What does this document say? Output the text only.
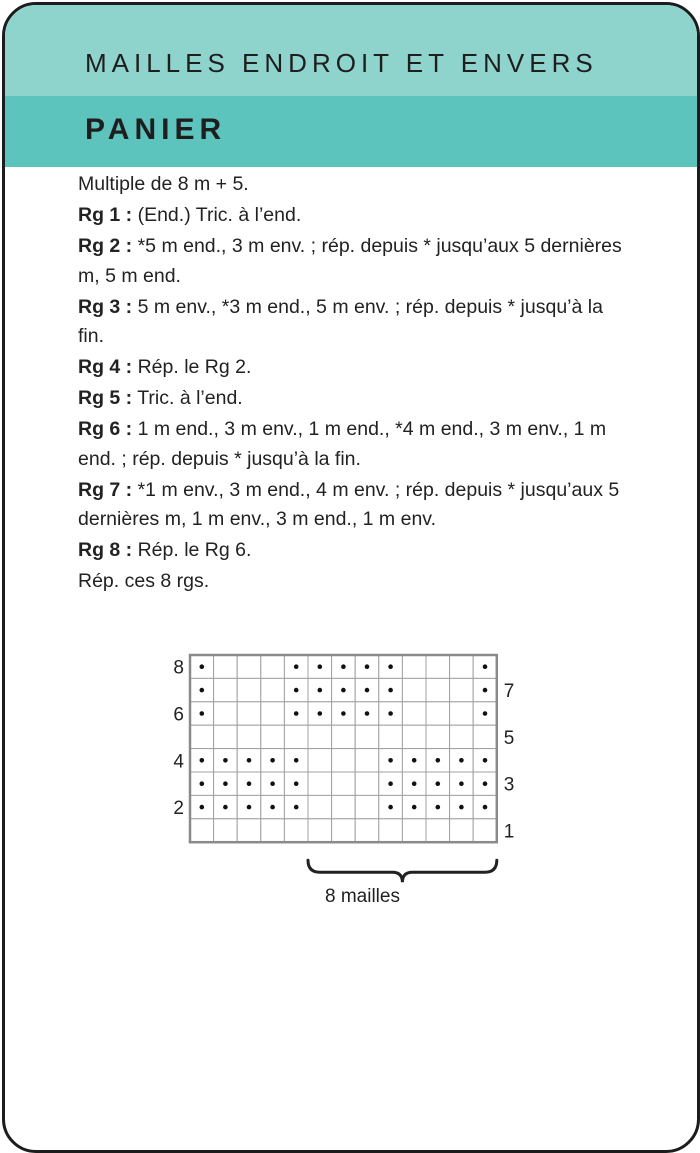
MAILLES ENDROIT ET ENVERS
PANIER

Multiple de 8 m + 5.

Rg 1 : (End.) Tric. à l’end.

Rg 2 : *5 m end., 3 m env. ; rép. depuis * jusqu’aux 5 dernières m, 5 m end.

Rg 3 : 5 m env., *3 m end., 5 m env. ; rép. depuis * jusqu’à la fin.

Rg 4 : Rép. le Rg 2.

Rg 5 : Tric. à l’end.

Rg 6 : 1 m end., 3 m env., 1 m end., *4 m end., 3 m env., 1 m end. ; rép. depuis * jusqu’à la fin.

Rg 7 : *1 m env., 3 m end., 4 m env. ; rép. depuis * jusqu’aux 5 dernières m, 1 m env., 3 m end., 1 m env.

Rg 8 : Rép. le Rg 6.

Rép. ces 8 rgs.

8
6
4
2
7
5
3
1
8 mailles
